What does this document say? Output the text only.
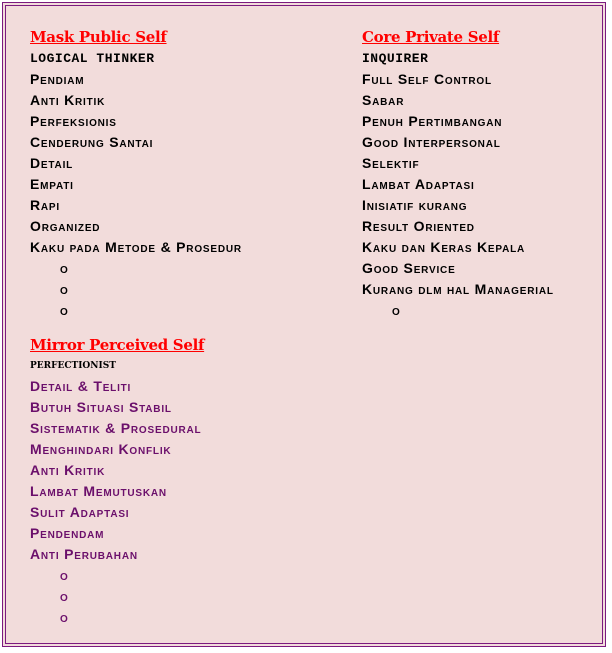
Mask Public Self
LOGICAL THINKER
Pendiam
Anti Kritik
Perfeksionis
Cenderung Santai
Detail
Empati
Rapi
Organized
Kaku pada Metode & Prosedur
o
o
o
Core Private Self
INQUIRER
Full Self Control
Sabar
Penuh Pertimbangan
Good Interpersonal
Selektif
Lambat Adaptasi
Inisiatif kurang
Result Oriented
Kaku dan Keras Kepala
Good Service
Kurang dlm hal Managerial
o
Mirror Perceived Self
PERFECTIONIST
Detail & Teliti
Butuh Situasi Stabil
Sistematik & Prosedural
Menghindari Konflik
Anti Kritik
Lambat Memutuskan
Sulit Adaptasi
Pendendam
Anti Perubahan
o
o
o
